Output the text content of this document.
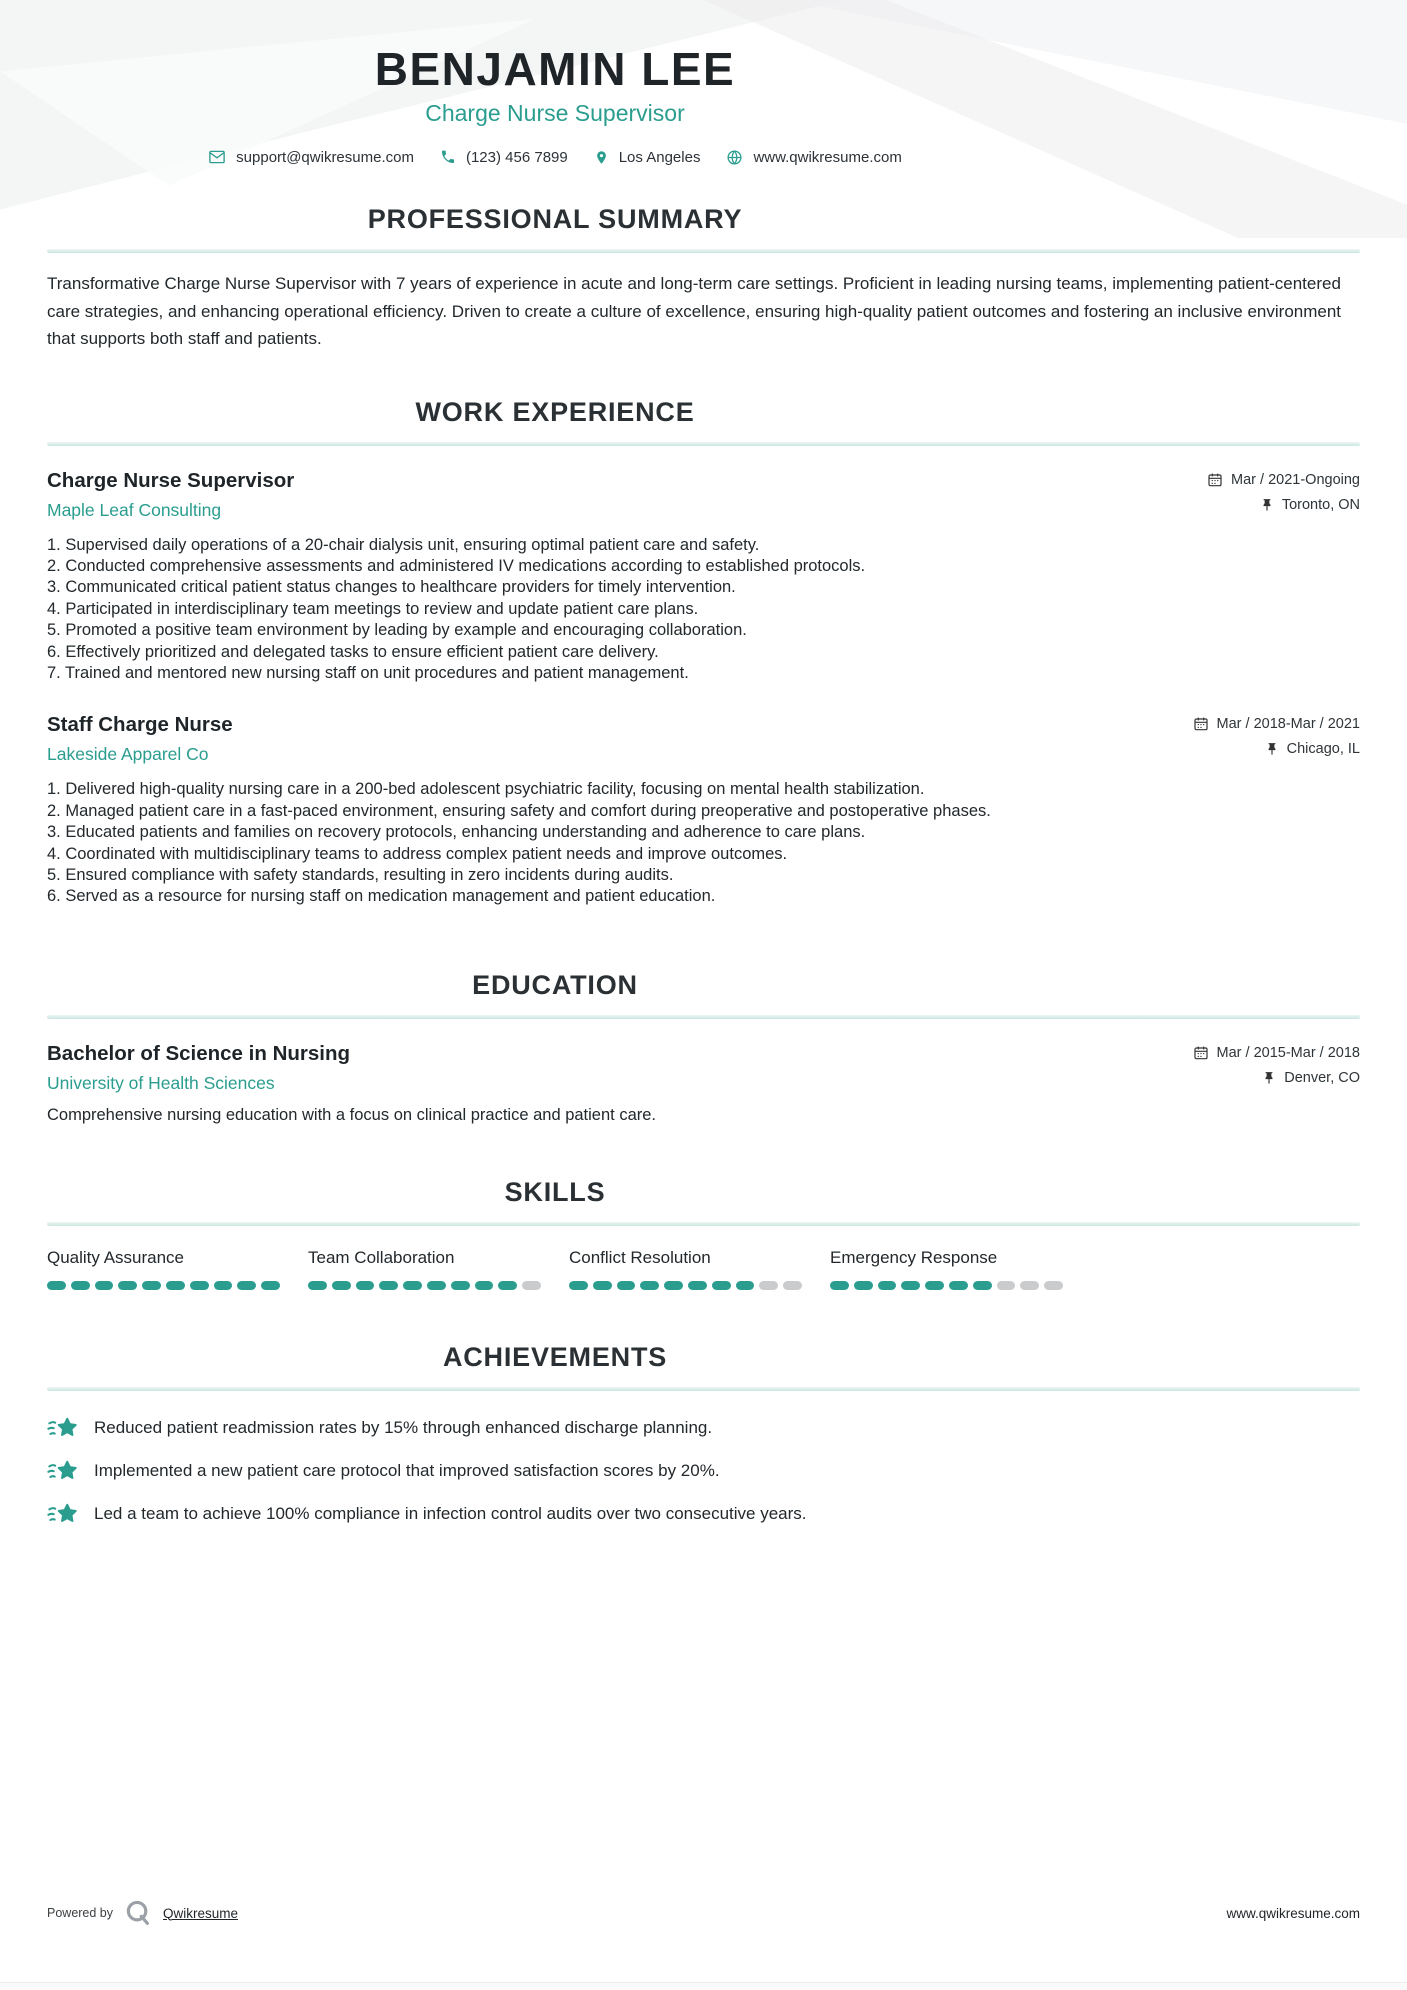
BENJAMIN LEE
Charge Nurse Supervisor
support@qwikresume.com	(123) 456 7899	Los Angeles	www.qwikresume.com
PROFESSIONAL SUMMARY

Transformative Charge Nurse Supervisor with 7 years of experience in acute and long-term care settings. Proficient in leading nursing teams, implementing patient-centered care strategies, and enhancing operational efficiency. Driven to create a culture of excellence, ensuring high-quality patient outcomes and fostering an inclusive environment that supports both staff and patients.

WORK EXPERIENCE
Charge Nurse Supervisor
Maple Leaf Consulting
Mar / 2021-Ongoing
Toronto, ON
1. Supervised daily operations of a 20-chair dialysis unit, ensuring optimal patient care and safety.
2. Conducted comprehensive assessments and administered IV medications according to established protocols.
3. Communicated critical patient status changes to healthcare providers for timely intervention.
4. Participated in interdisciplinary team meetings to review and update patient care plans.
5. Promoted a positive team environment by leading by example and encouraging collaboration.
6. Effectively prioritized and delegated tasks to ensure efficient patient care delivery.
7. Trained and mentored new nursing staff on unit procedures and patient management.
Staff Charge Nurse
Lakeside Apparel Co
Mar / 2018-Mar / 2021
Chicago, IL
1. Delivered high-quality nursing care in a 200-bed adolescent psychiatric facility, focusing on mental health stabilization.
2. Managed patient care in a fast-paced environment, ensuring safety and comfort during preoperative and postoperative phases.
3. Educated patients and families on recovery protocols, enhancing understanding and adherence to care plans.
4. Coordinated with multidisciplinary teams to address complex patient needs and improve outcomes.
5. Ensured compliance with safety standards, resulting in zero incidents during audits.
6. Served as a resource for nursing staff on medication management and patient education.
EDUCATION
Bachelor of Science in Nursing
University of Health Sciences
Mar / 2015-Mar / 2018
Denver, CO

Comprehensive nursing education with a focus on clinical practice and patient care.

SKILLS
Quality Assurance	Team Collaboration	Conflict Resolution	Emergency Response
ACHIEVEMENTS
Reduced patient readmission rates by 15% through enhanced discharge planning.
Implemented a new patient care protocol that improved satisfaction scores by 20%.
Led a team to achieve 100% compliance in infection control audits over two consecutive years.
Powered by	Qwikresume	www.qwikresume.com
